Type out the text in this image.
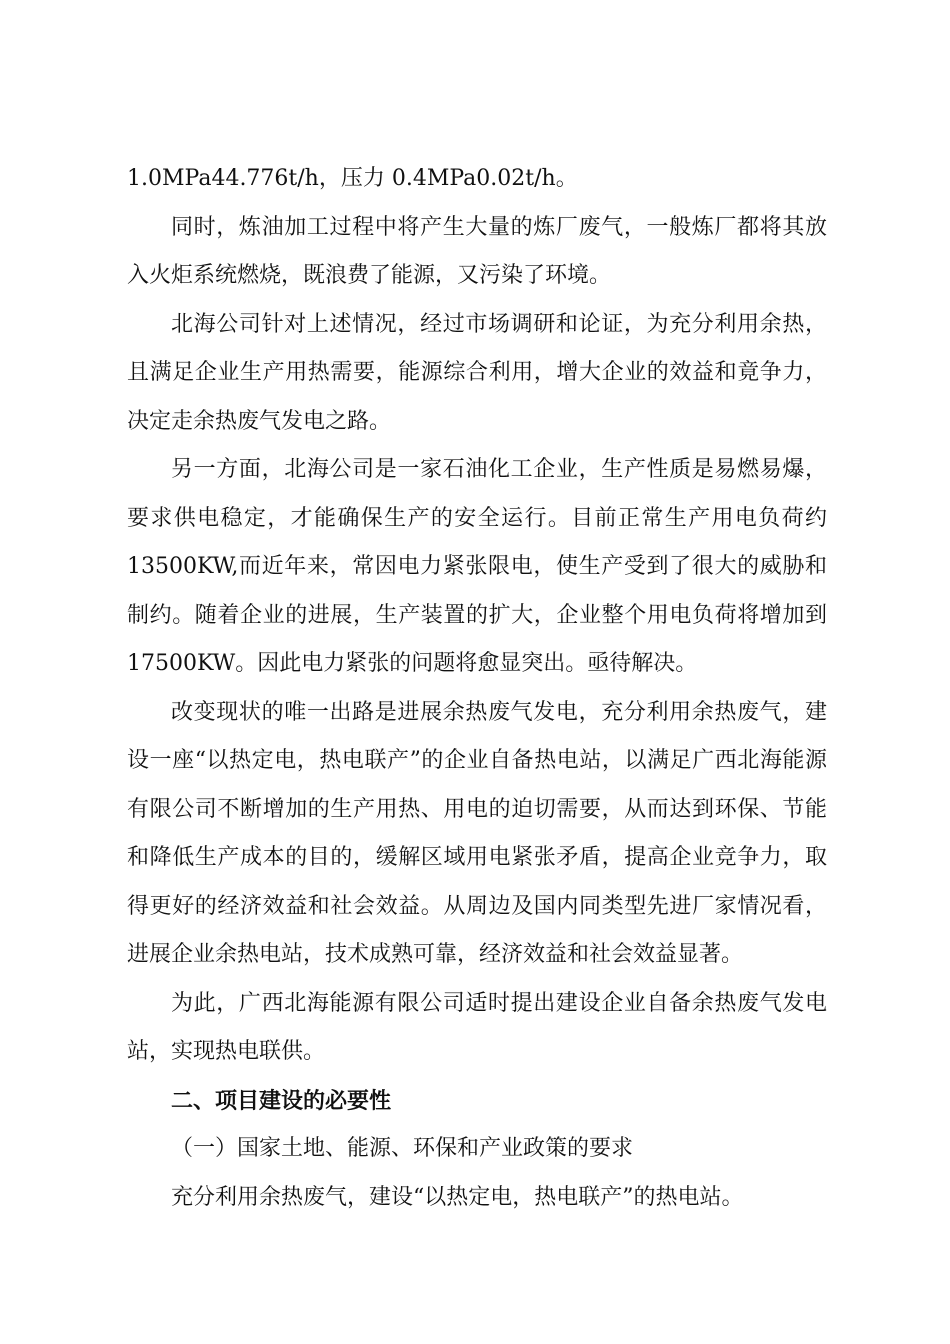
1.0MPa44.776t/h，压力 0.4MPa0.02t/h。

同时，炼油加工过程中将产生大量的炼厂废气，一般炼厂都将其放入火炬系统燃烧，既浪费了能源，又污染了环境。

北海公司针对上述情况，经过市场调研和论证，为充分利用余热，且满足企业生产用热需要，能源综合利用，增大企业的效益和竟争力，决定走余热废气发电之路。

另一方面，北海公司是一家石油化工企业，生产性质是易燃易爆，要求供电稳定，才能确保生产的安全运行。目前正常生产用电负荷约13500KW,而近年来，常因电力紧张限电，使生产受到了很大的威胁和制约。随着企业的进展，生产装置的扩大，企业整个用电负荷将增加到17500KW。因此电力紧张的问题将愈显突出。亟待解决。

改变现状的唯一出路是进展余热废气发电，充分利用余热废气，建设一座“以热定电，热电联产”的企业自备热电站，以满足广西北海能源有限公司不断增加的生产用热、用电的迫切需要，从而达到环保、节能和降低生产成本的目的，缓解区域用电紧张矛盾，提高企业竞争力，取得更好的经济效益和社会效益。从周边及国内同类型先进厂家情况看，进展企业余热电站，技术成熟可靠，经济效益和社会效益显著。

为此，广西北海能源有限公司适时提出建设企业自备余热废气发电站，实现热电联供。

二、项目建设的必要性

（一）国家土地、能源、环保和产业政策的要求

充分利用余热废气，建设“以热定电，热电联产”的热电站。
